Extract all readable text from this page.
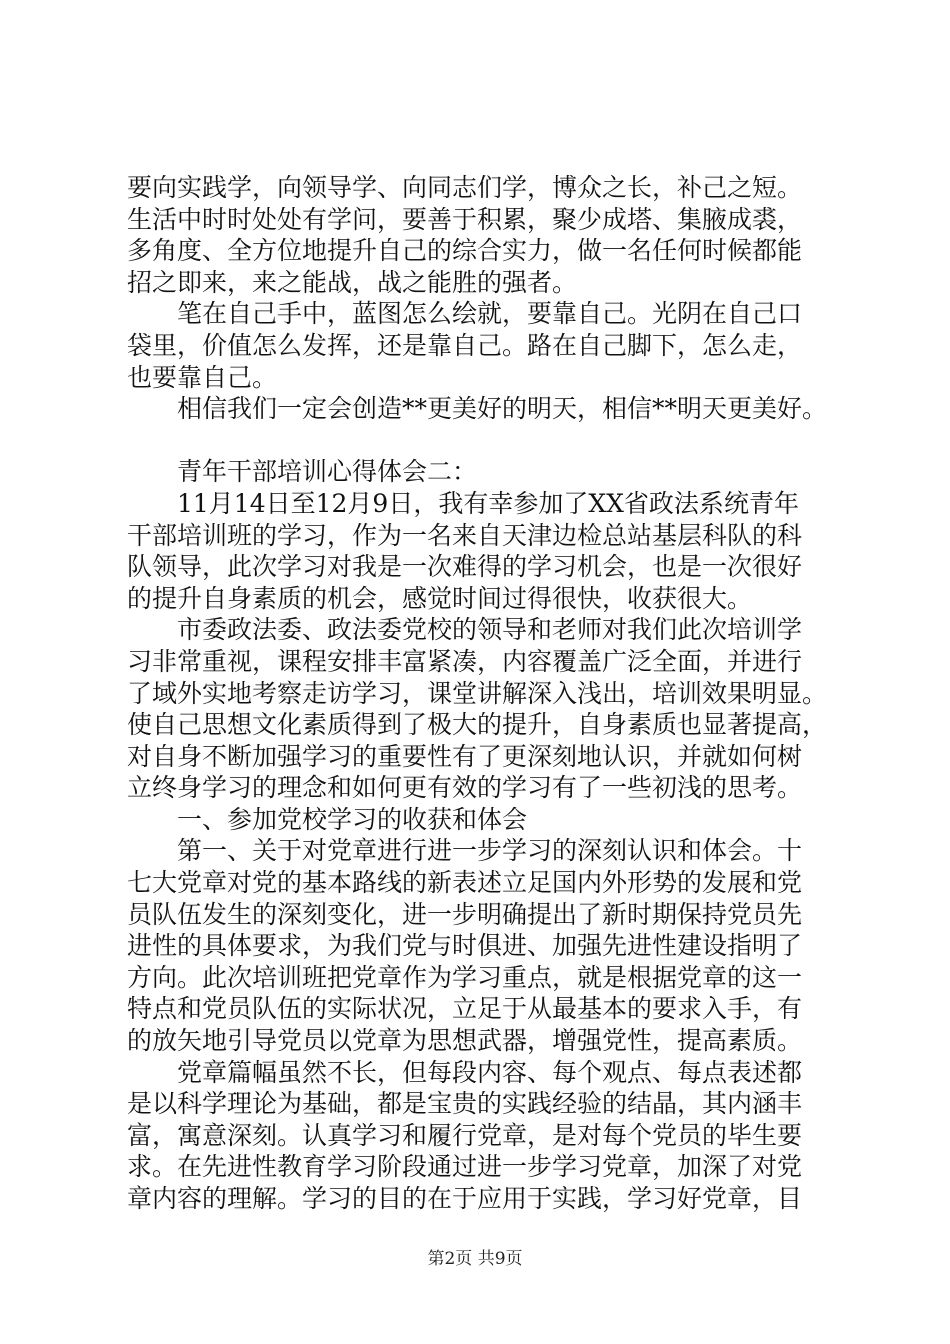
要向实践学，向领导学、向同志们学，博众之长，补己之短。
生活中时时处处有学问，要善于积累，聚少成塔、集腋成裘，
多角度、全方位地提升自己的综合实力，做一名任何时候都能
招之即来，来之能战，战之能胜的强者。
笔在自己手中，蓝图怎么绘就，要靠自己。光阴在自己口
袋里，价值怎么发挥，还是靠自己。路在自己脚下，怎么走，
也要靠自己。
相信我们一定会创造**更美好的明天，相信**明天更美好。
青年干部培训心得体会二：
11月14日至12月9日，我有幸参加了XX省政法系统青年
干部培训班的学习，作为一名来自天津边检总站基层科队的科
队领导，此次学习对我是一次难得的学习机会，也是一次很好
的提升自身素质的机会，感觉时间过得很快，收获很大。
市委政法委、政法委党校的领导和老师对我们此次培训学
习非常重视，课程安排丰富紧凑，内容覆盖广泛全面，并进行
了域外实地考察走访学习，课堂讲解深入浅出，培训效果明显。
使自己思想文化素质得到了极大的提升，自身素质也显著提高，
对自身不断加强学习的重要性有了更深刻地认识，并就如何树
立终身学习的理念和如何更有效的学习有了一些初浅的思考。
一、参加党校学习的收获和体会
第一、关于对党章进行进一步学习的深刻认识和体会。十
七大党章对党的基本路线的新表述立足国内外形势的发展和党
员队伍发生的深刻变化，进一步明确提出了新时期保持党员先
进性的具体要求，为我们党与时俱进、加强先进性建设指明了
方向。此次培训班把党章作为学习重点，就是根据党章的这一
特点和党员队伍的实际状况，立足于从最基本的要求入手，有
的放矢地引导党员以党章为思想武器，增强党性，提高素质。
党章篇幅虽然不长，但每段内容、每个观点、每点表述都
是以科学理论为基础，都是宝贵的实践经验的结晶，其内涵丰
富，寓意深刻。认真学习和履行党章，是对每个党员的毕生要
求。在先进性教育学习阶段通过进一步学习党章，加深了对党
章内容的理解。学习的目的在于应用于实践，学习好党章，目
第2页 共9页
